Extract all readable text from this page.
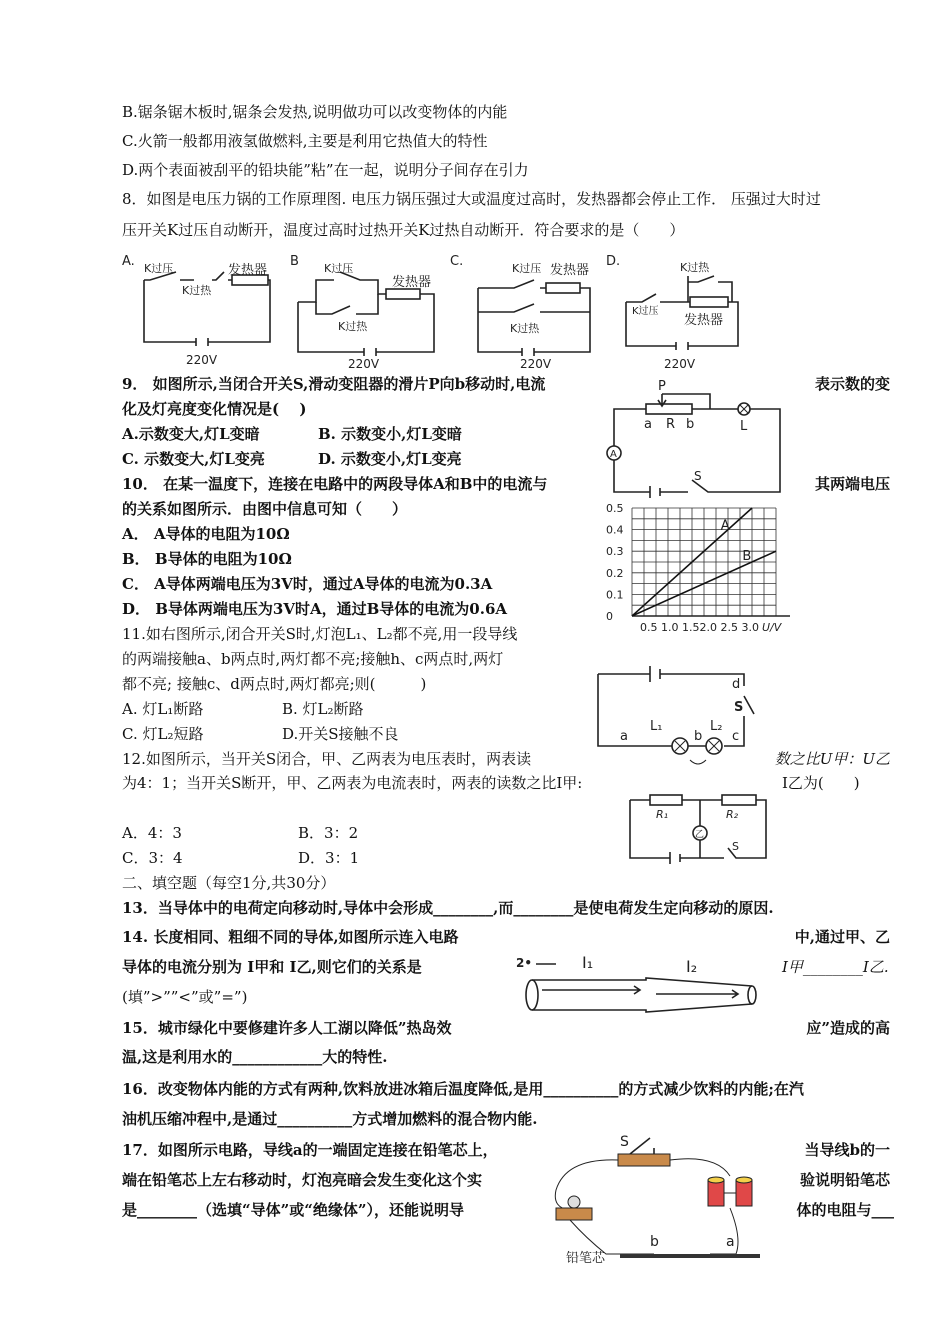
B.锯条锯木板时,锯条会发热,说明做功可以改变物体的内能
C.火箭一般都用液氢做燃料,主要是利用它热值大的特性
D.两个表面被刮平的铅块能”粘”在一起，说明分子间存在引力
8．如图是电压力锅的工作原理图. 电压力锅压强过大或温度过高时，发热器都会停止工作． 压强过大时过
压开关K过压自动断开，温度过高时过热开关K过热自动断开．符合要求的是（　　）
A. K过压	发热器
K过热
220V
B K过压
发热器
K过热
220V
C.	K过压 发热器
K过热
220V
D.	K过热
发热器
K过压
220V
9． 如图所示,当闭合开关S,滑动变阻器的滑片P向b移动时,电流	表示数的变
化及灯亮度变化情况是(　 )
A.示数变大,灯L变暗	B. 示数变小,灯L变暗
C. 示数变大,灯L变亮	D. 示数变小,灯L变亮
P
a R b	L
A
S
10． 在某一温度下，连接在电路中的两段导体A和B中的电流与	其两端电压
的关系如图所示．由图中信息可知（　　）
A． A导体的电阻为10Ω
B． B导体的电阻为10Ω
C． A导体两端电压为3V时，通过A导体的电流为0.3A
D． B导体两端电压为3V时A，通过B导体的电流为0.6A	0
0.1
0.2
0.3
0.4
0.5
0.5 1.0 1.52.0 2.5 3.0 U/V
A
B
11.如右图所示,闭合开关S时,灯泡L₁、L₂都不亮,用一段导线
的两端接触a、b两点时,两灯都不亮;接触h、c两点时,两灯
都不亮; 接触c、d两点时,两灯都亮;则(　　　)
A. 灯L₁断路	B. 灯L₂断路
C. 灯L₂短路	D.开关S接触不良
d
S
a
L₁
b
L₂
c
12.如图所示，当开关S闭合，甲、乙两表为电压表时，两表读	数之比U甲：U乙
为4：1；当开关S断开，甲、乙两表为电流表时，两表的读数之比I甲:	I乙为(　　)
A．4：3	B．3：2
C．3：4	D．3：1
乙
R₁	R₂
S
二、填空题（每空1分,共30分）
13．当导体中的电荷定向移动时,导体中会形成________,而________是使电荷发生定向移动的原因.
14. 长度相同、粗细不同的导体,如图所示连入电路	中,通过甲、乙
导体的电流分别为 I甲和 I乙,则它们的关系是	I甲________I乙.
(填”>””<”或”=”)
2•	I₁	I₂
15．城市绿化中要修建许多人工湖以降低”热岛效	应”造成的高
温,这是利用水的____________大的特性.
16．改变物体内能的方式有两种,饮料放进冰箱后温度降低,是用__________的方式减少饮料的内能;在汽
油机压缩冲程中,是通过__________方式增加燃料的混合物内能.
17．如图所示电路，导线a的一端固定连接在铅笔芯上，	当导线b的一
端在铅笔芯上左右移动时，灯泡亮暗会发生变化这个实	验说明铅笔芯
是________（选填“导体”或“绝缘体”），还能说明导	体的电阻与___
S
b	a
铅笔芯
